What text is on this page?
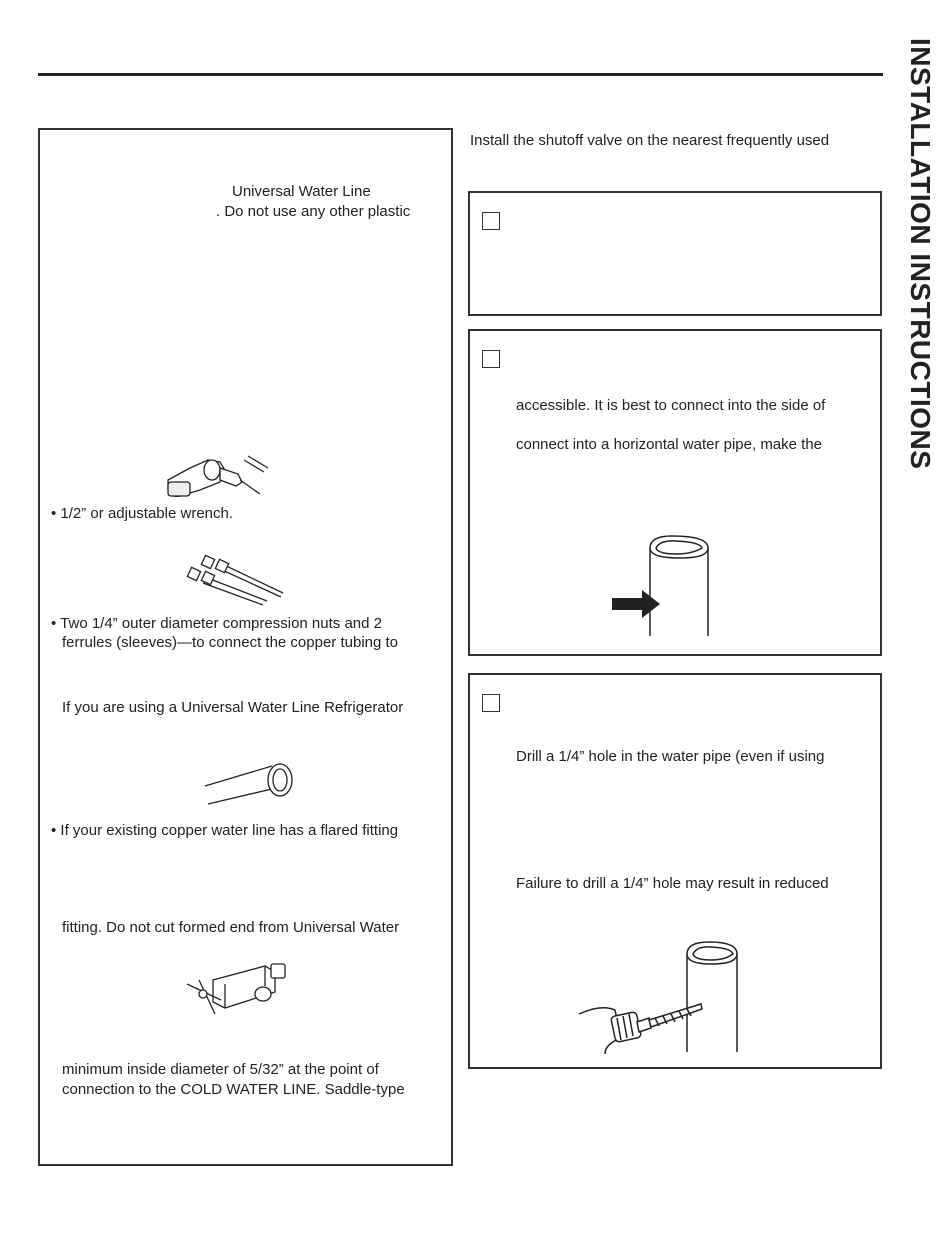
INSTALLATION INSTRUCTIONS
Universal Water Line
. Do not use any other plastic
• 1/2” or adjustable wrench.
• Two 1/4” outer diameter compression nuts and 2
ferrules (sleeves)—to connect the copper tubing to
If you are using a Universal Water Line Refrigerator
• If your existing copper water line has a flared fitting
fitting. Do not cut formed end from Universal Water
minimum inside diameter of 5/32” at the point of
connection to the COLD WATER LINE. Saddle-type
Install the shutoff valve on the nearest frequently used
accessible. It is best to connect into the side of
connect into a horizontal water pipe, make the
Drill a 1/4” hole in the water pipe (even if using
Failure to drill a 1/4” hole may result in reduced
